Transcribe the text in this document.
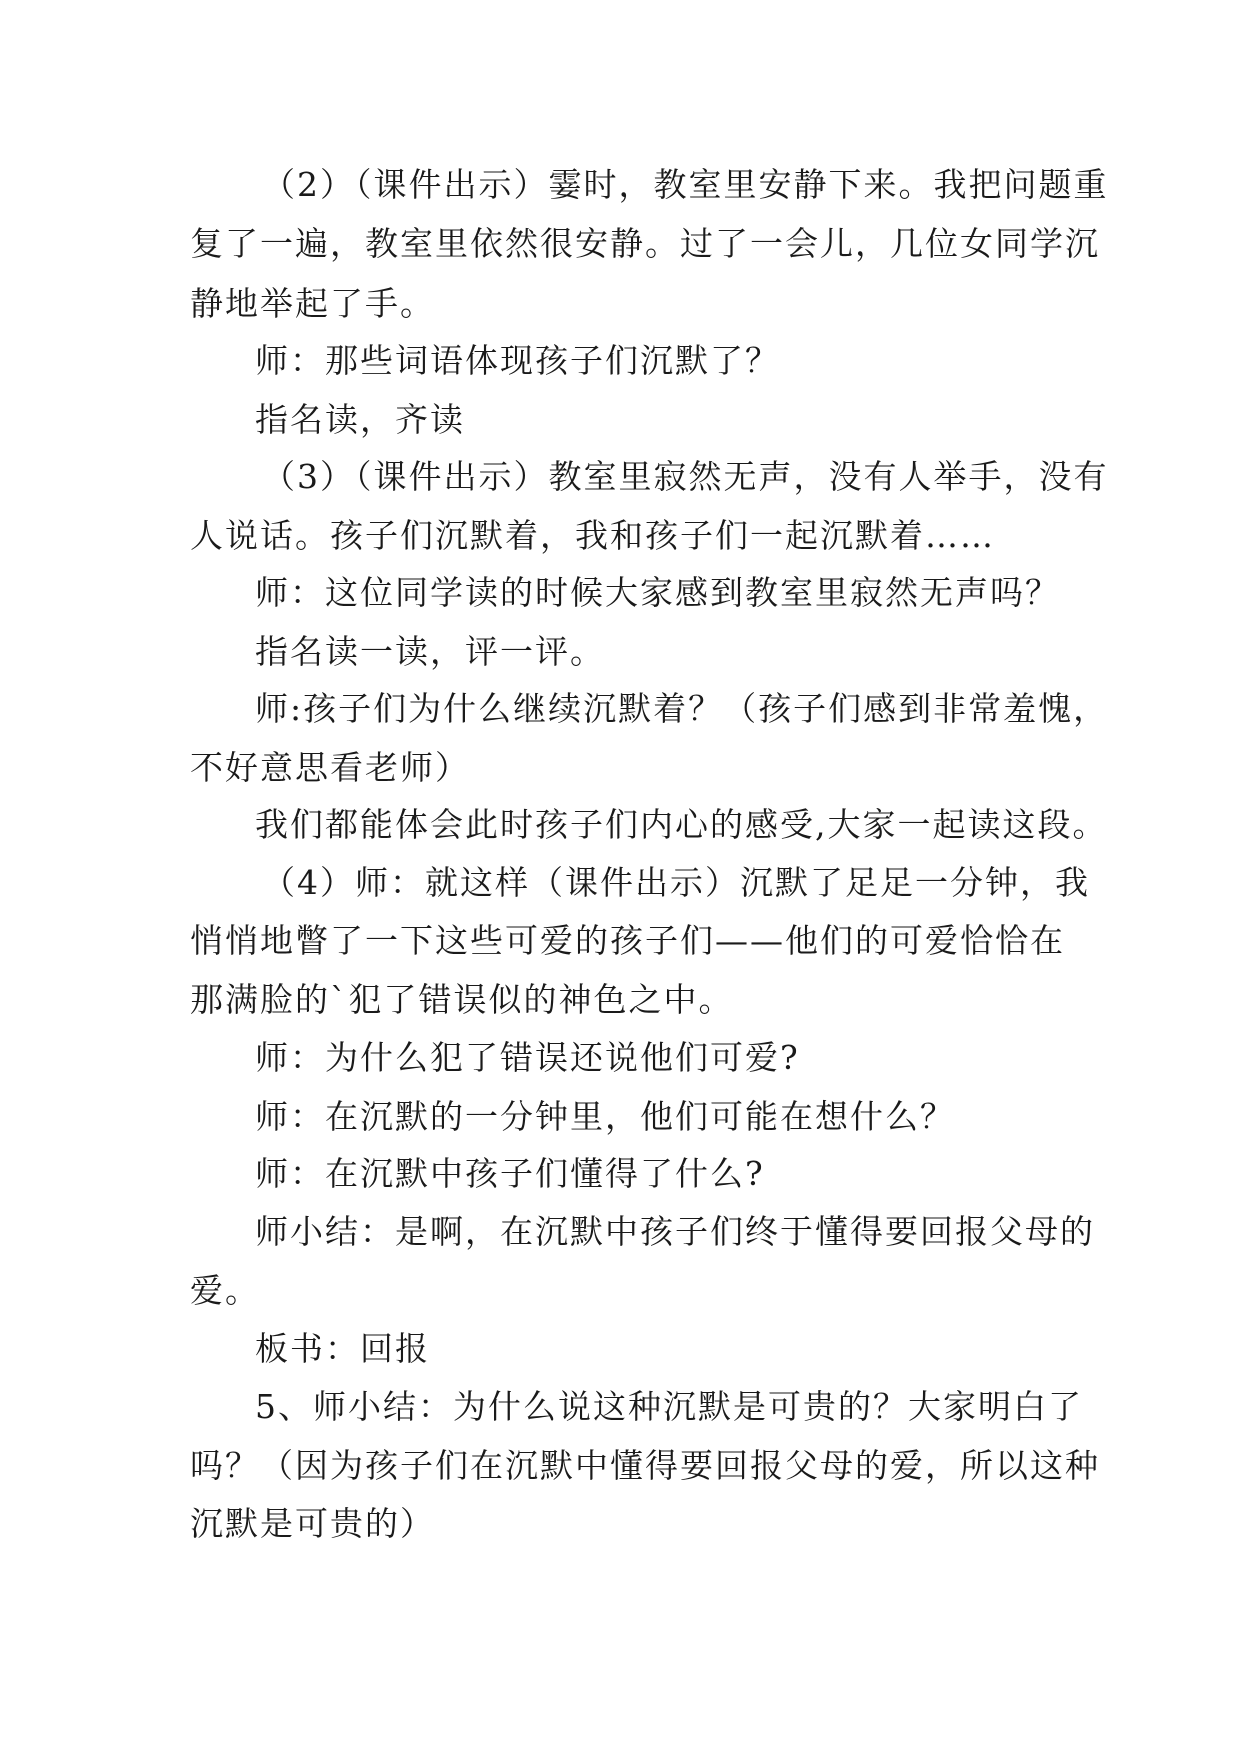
（2）（课件出示）霎时，教室里安静下来。我把问题重
复了一遍，教室里依然很安静。过了一会儿，几位女同学沉
静地举起了手。
师：那些词语体现孩子们沉默了？
指名读，齐读
（3）（课件出示）教室里寂然无声，没有人举手，没有
人说话。孩子们沉默着，我和孩子们一起沉默着……
师：这位同学读的时候大家感到教室里寂然无声吗？
指名读一读，评一评。
师:孩子们为什么继续沉默着？（孩子们感到非常羞愧，
不好意思看老师）
我们都能体会此时孩子们内心的感受,大家一起读这段。
（4）师：就这样（课件出示）沉默了足足一分钟，我
悄悄地瞥了一下这些可爱的孩子们——他们的可爱恰恰在
那满脸的`犯了错误似的神色之中。
师：为什么犯了错误还说他们可爱?
师：在沉默的一分钟里，他们可能在想什么？
师：在沉默中孩子们懂得了什么?
师小结：是啊，在沉默中孩子们终于懂得要回报父母的
爱。
板书：回报
5、师小结：为什么说这种沉默是可贵的？大家明白了
吗？（因为孩子们在沉默中懂得要回报父母的爱，所以这种
沉默是可贵的）
